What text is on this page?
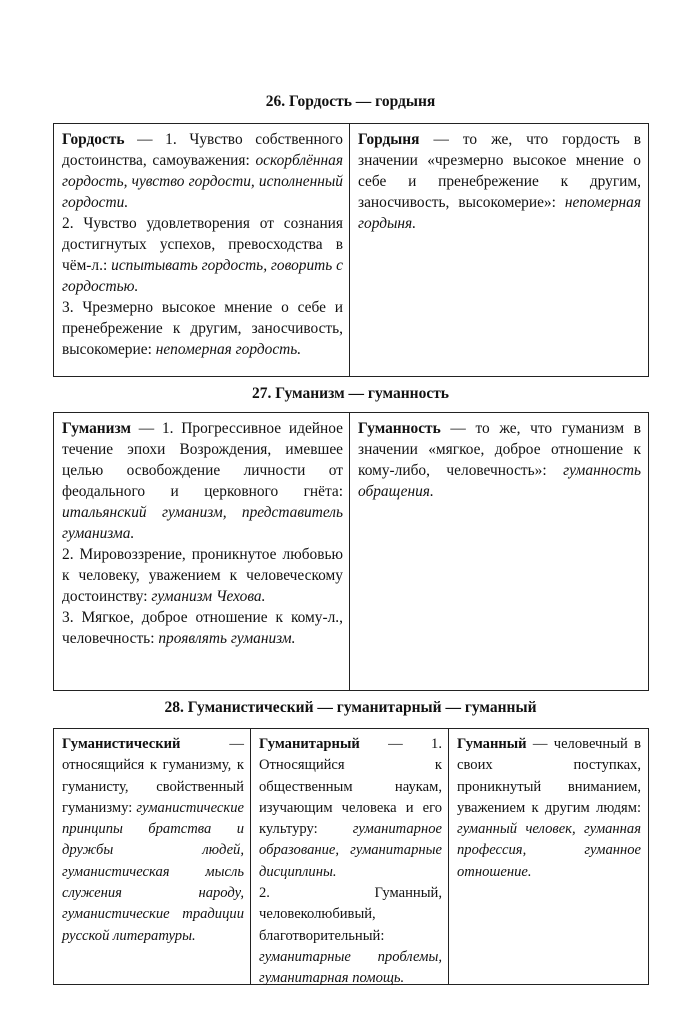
26. Гордость — гордыня

Гордость — 1. Чувство собственного достоинства, самоуважения: оскорблённая гордость, чувство гордости, исполненный гордости.

2. Чувство удовлетворения от сознания достигнутых успехов, превосходства в чём-л.: испытывать гордость, говорить с гордостью.

3. Чрезмерно высокое мнение о себе и пренебрежение к другим, заносчивость, высокомерие: непомерная гордость.

Гордыня — то же, что гордость в значении «чрезмерно высокое мнение о себе и пренебрежение к другим, заносчивость, высокомерие»: непомерная гордыня.

27. Гуманизм — гуманность

Гуманизм — 1. Прогрессивное идейное течение эпохи Возрождения, имевшее целью освобождение личности от феодального и церковного гнёта: итальянский гуманизм, представитель гуманизма.

2. Мировоззрение, проникнутое любовью к человеку, уважением к человеческому достоинству: гуманизм Чехова.

3. Мягкое, доброе отношение к кому-л., человечность: проявлять гуманизм.

Гуманность — то же, что гуманизм в значении «мягкое, доброе отношение к кому-либо, человечность»: гуманность обращения.

28. Гуманистический — гуманитарный — гуманный

Гуманистический — относящийся к гуманизму, к гуманисту, свойственный гуманизму: гуманистические принципы братства и дружбы людей, гуманистическая мысль служения народу, гуманистические традиции русской литературы.

Гуманитарный — 1. Относящийся к общественным наукам, изучающим человека и его культуру: гуманитарное образование, гуманитарные дисциплины.

2. Гуманный, человеколюбивый, благотворительный: гуманитарные проблемы, гуманитарная помощь.

Гуманный — человечный в своих поступках, проникнутый вниманием, уважением к другим людям: гуманный человек, гуманная профессия, гуманное отношение.
